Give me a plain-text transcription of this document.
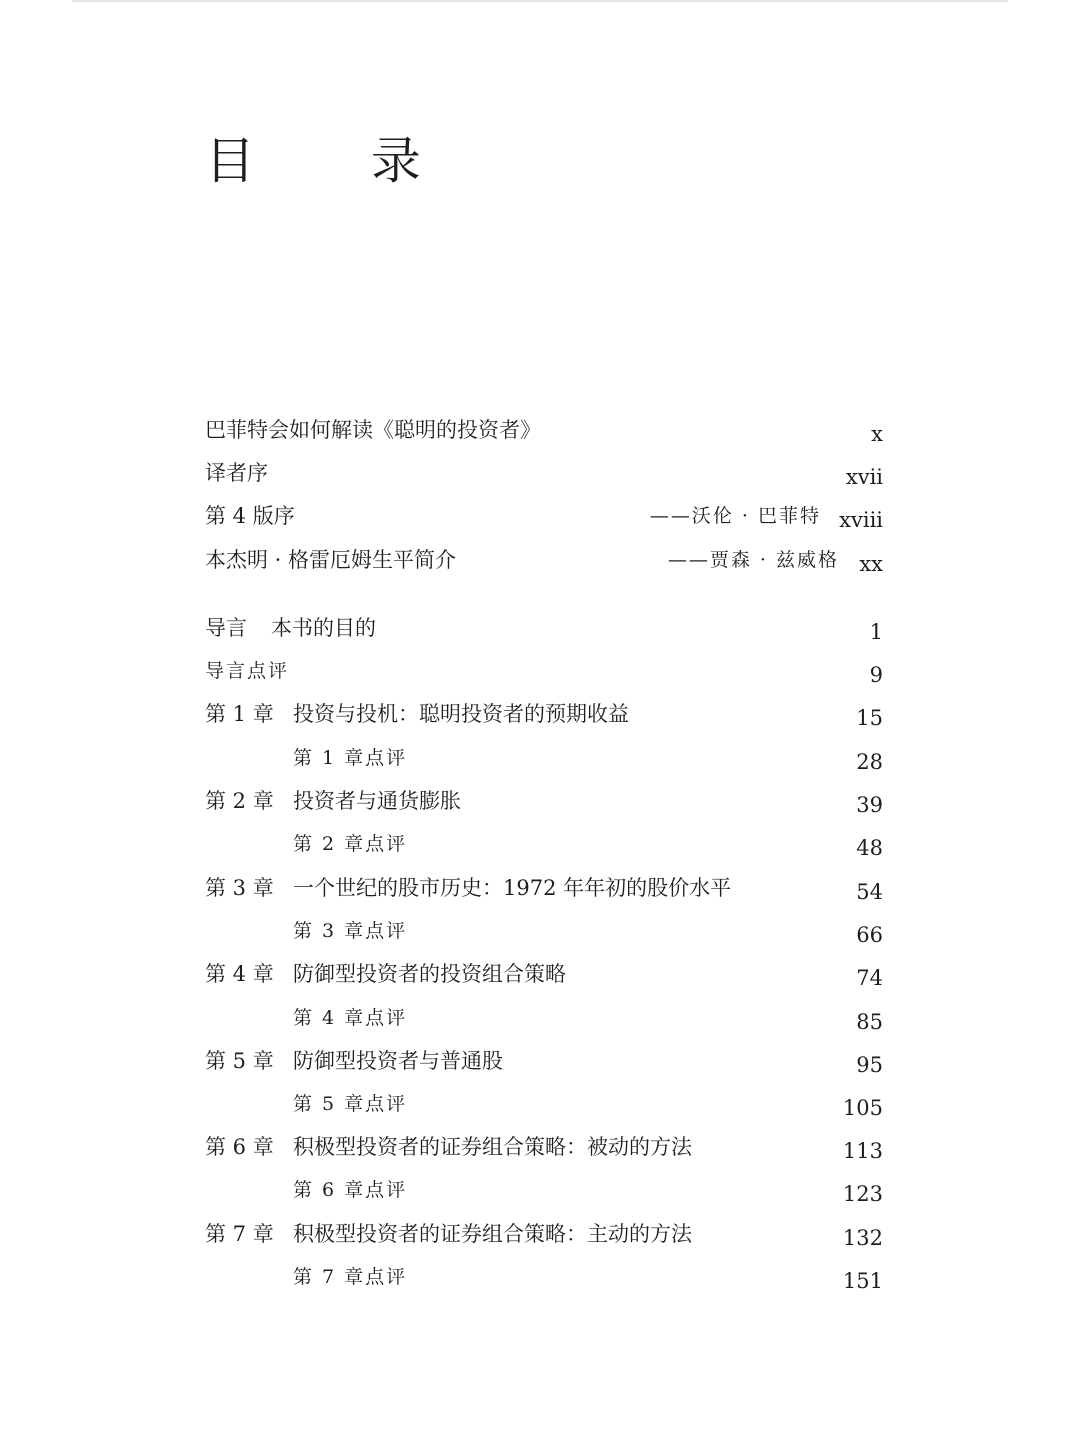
目 录
巴菲特会如何解读《聪明的投资者》	x
译者序	xvii
第 4 版序	——沃伦 · 巴菲特 xviii
本杰明 · 格雷厄姆生平简介	——贾森 · 兹威格 xx
导言 本书的目的	1
导言点评	9
第 1 章 投资与投机：聪明投资者的预期收益	15
第 1 章点评	28
第 2 章 投资者与通货膨胀	39
第 2 章点评	48
第 3 章 一个世纪的股市历史：1972 年年初的股价水平	54
第 3 章点评	66
第 4 章 防御型投资者的投资组合策略	74
第 4 章点评	85
第 5 章 防御型投资者与普通股	95
第 5 章点评	105
第 6 章 积极型投资者的证券组合策略：被动的方法	113
第 6 章点评	123
第 7 章 积极型投资者的证券组合策略：主动的方法	132
第 7 章点评	151
